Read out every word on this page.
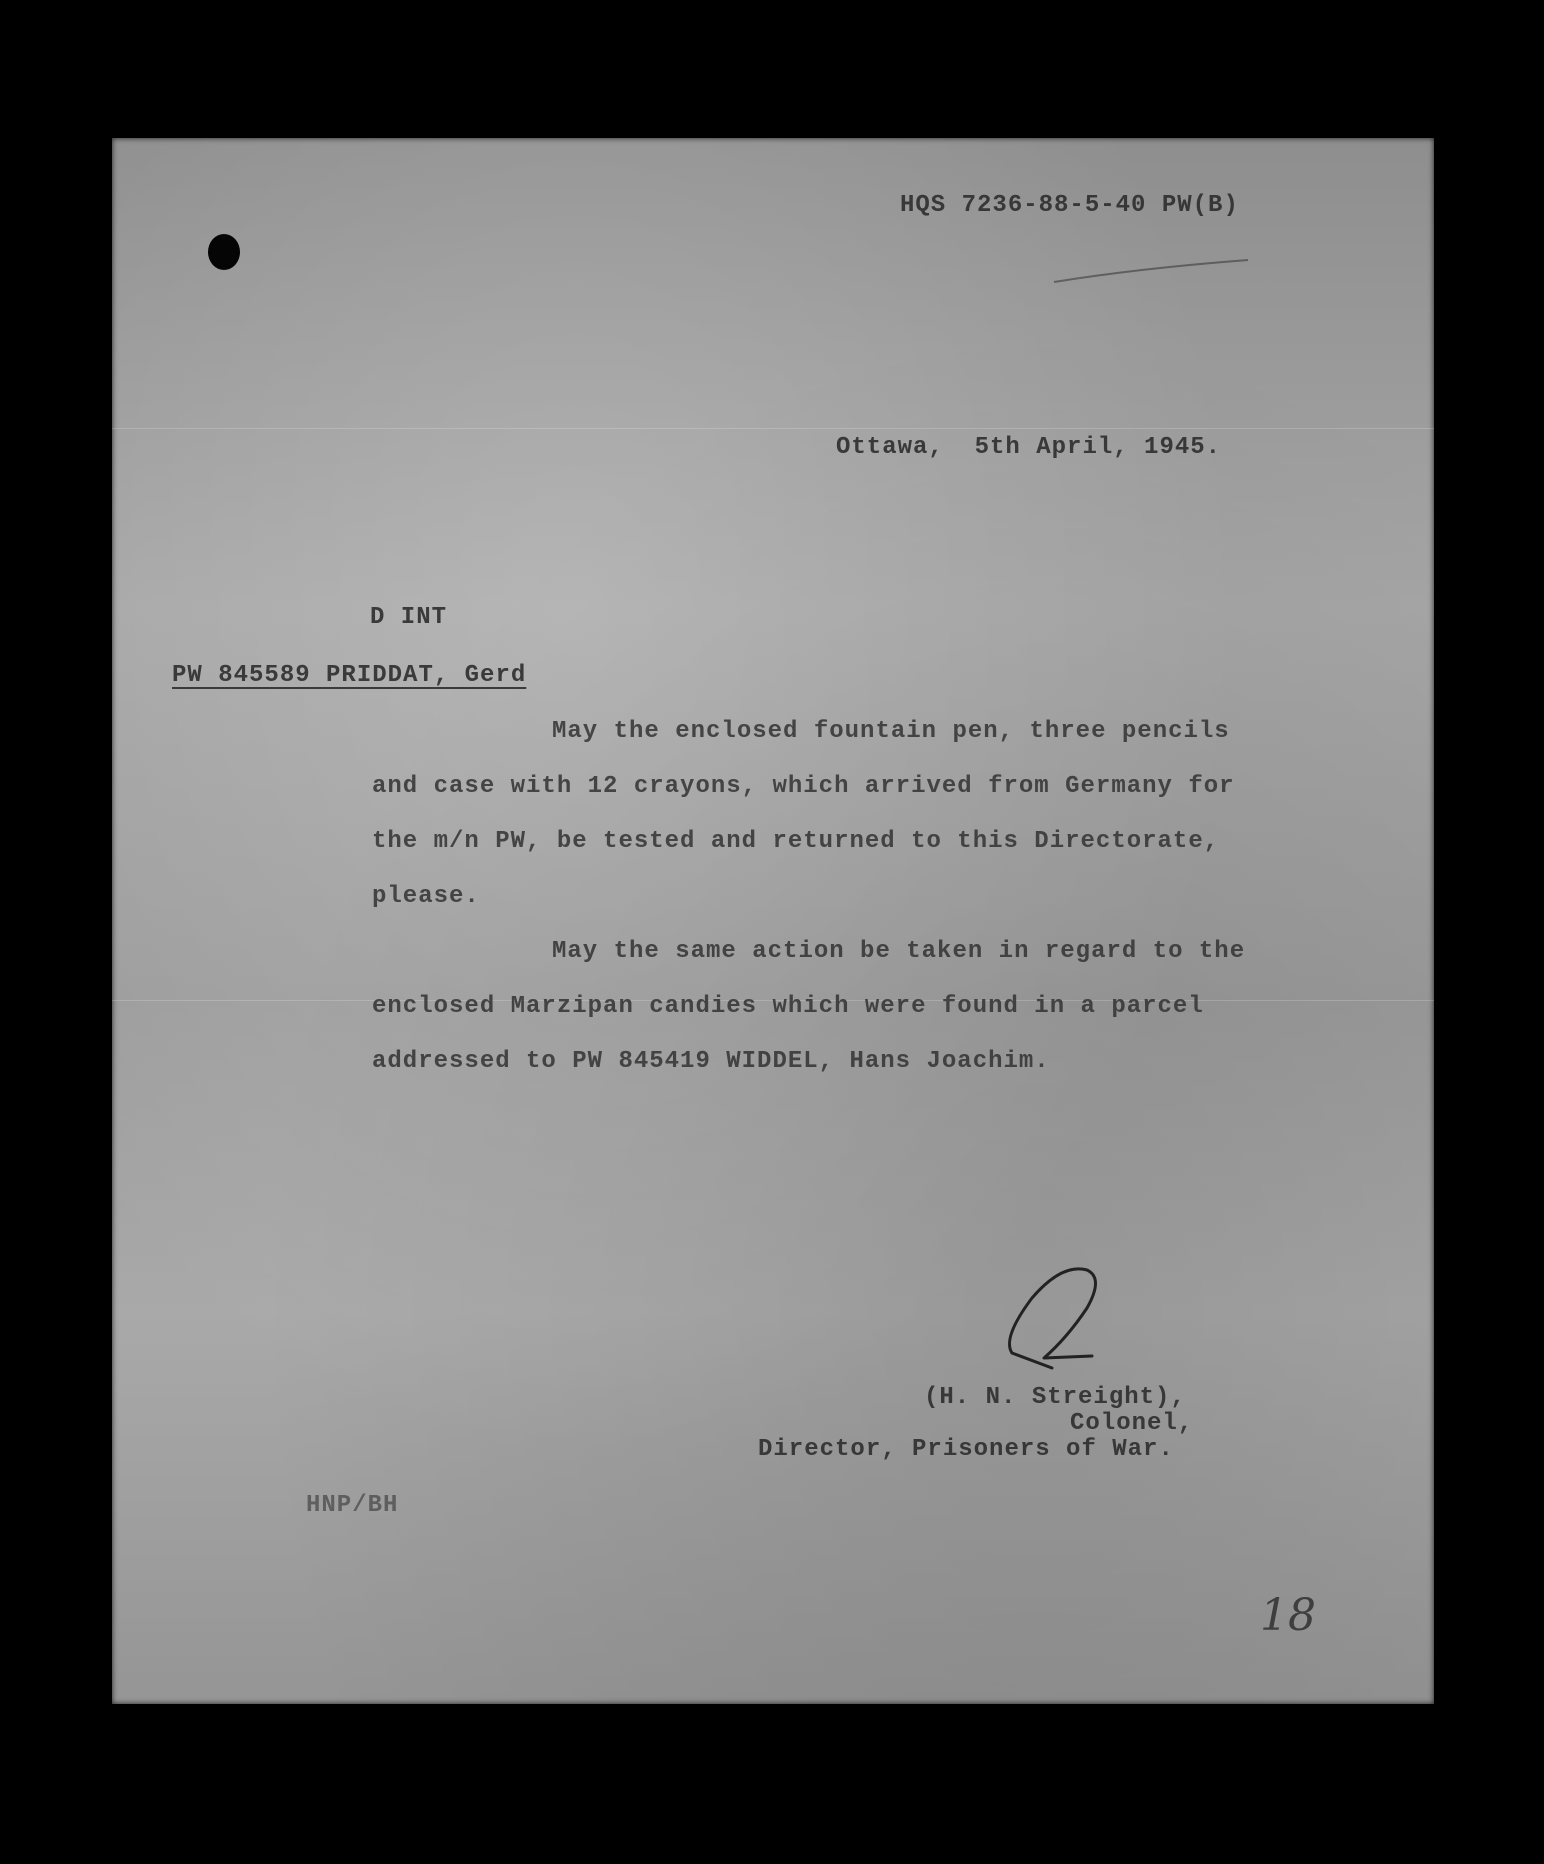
HQS 7236-88-5-40 PW(B)
Ottawa,  5th April, 1945.
D INT
PW 845589 PRIDDAT, Gerd
May the enclosed fountain pen, three pencils and case with 12 crayons, which arrived from Germany for the m/n PW, be tested and returned to this Directorate, please.
May the same action be taken in regard to the enclosed Marzipan candies which were found in a parcel addressed to PW 845419 WIDDEL, Hans Joachim.
(H. N. Streight),
Colonel,
Director, Prisoners of War.
HNP/BH
18
